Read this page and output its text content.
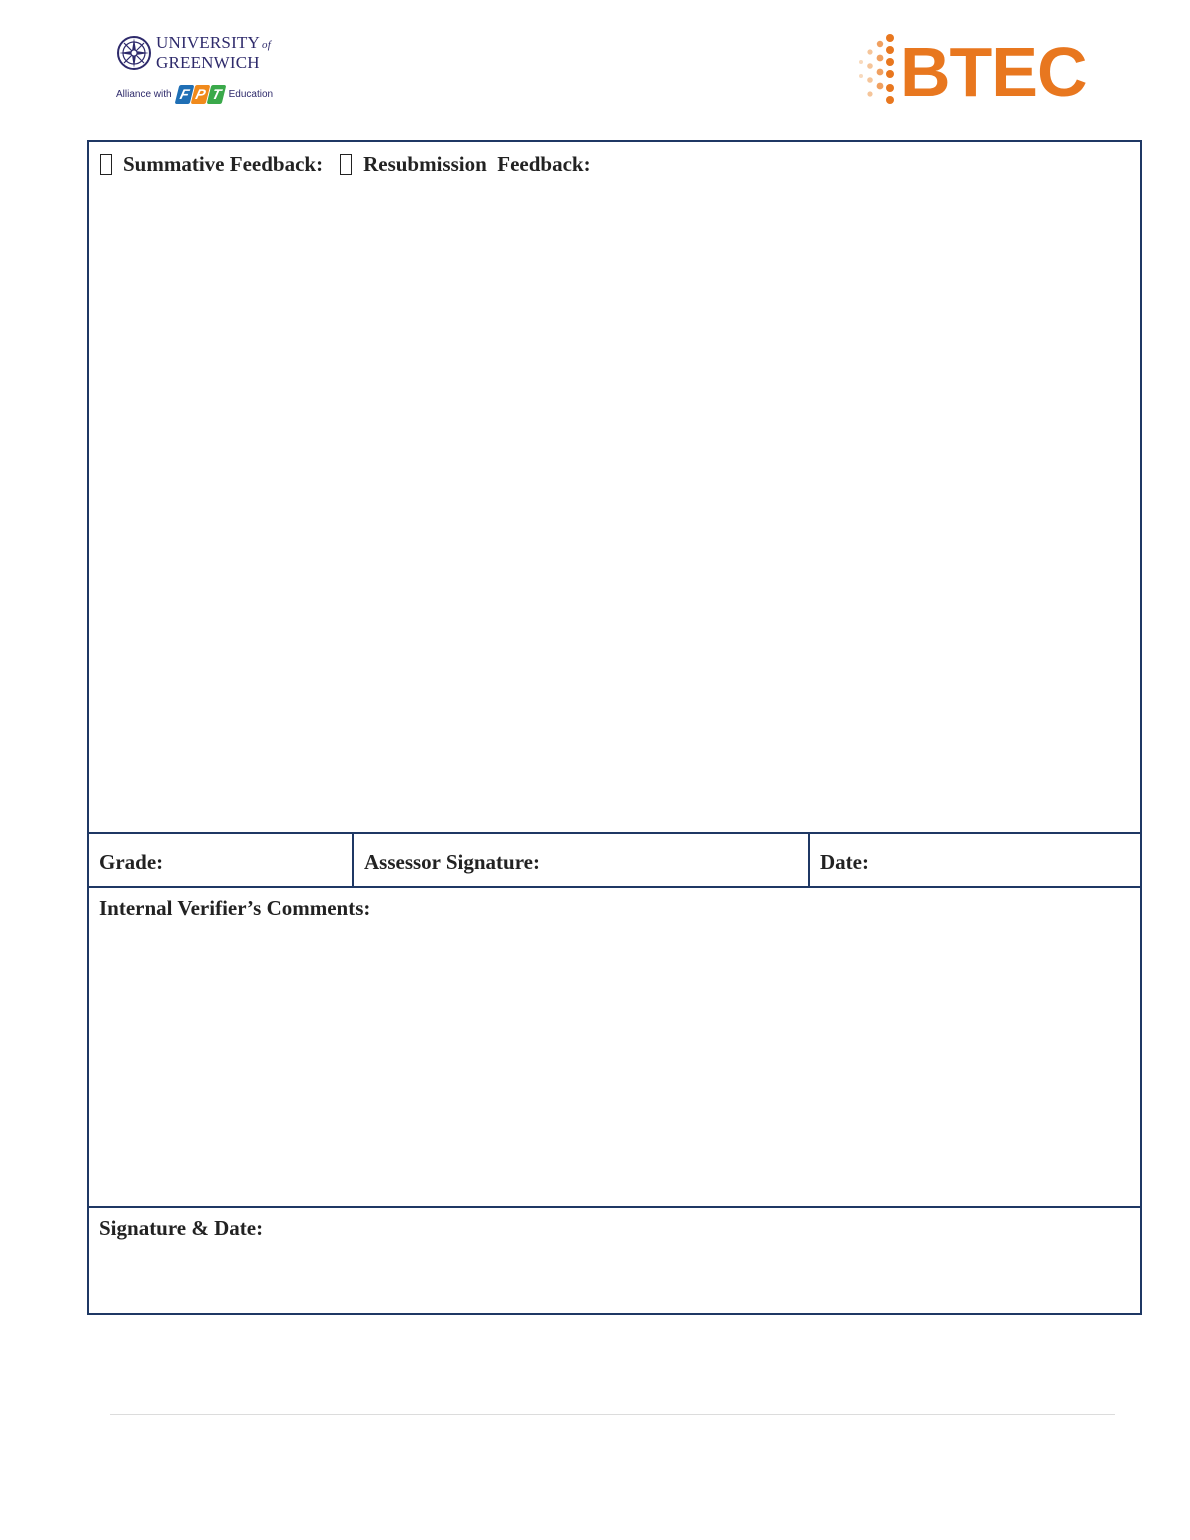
UNIVERSITY of
GREENWICH
Alliance with F P T Education	BTEC
Summative Feedback: Resubmission  Feedback:
Grade:	Assessor Signature:	Date:
Internal Verifier’s Comments:
Signature & Date:
